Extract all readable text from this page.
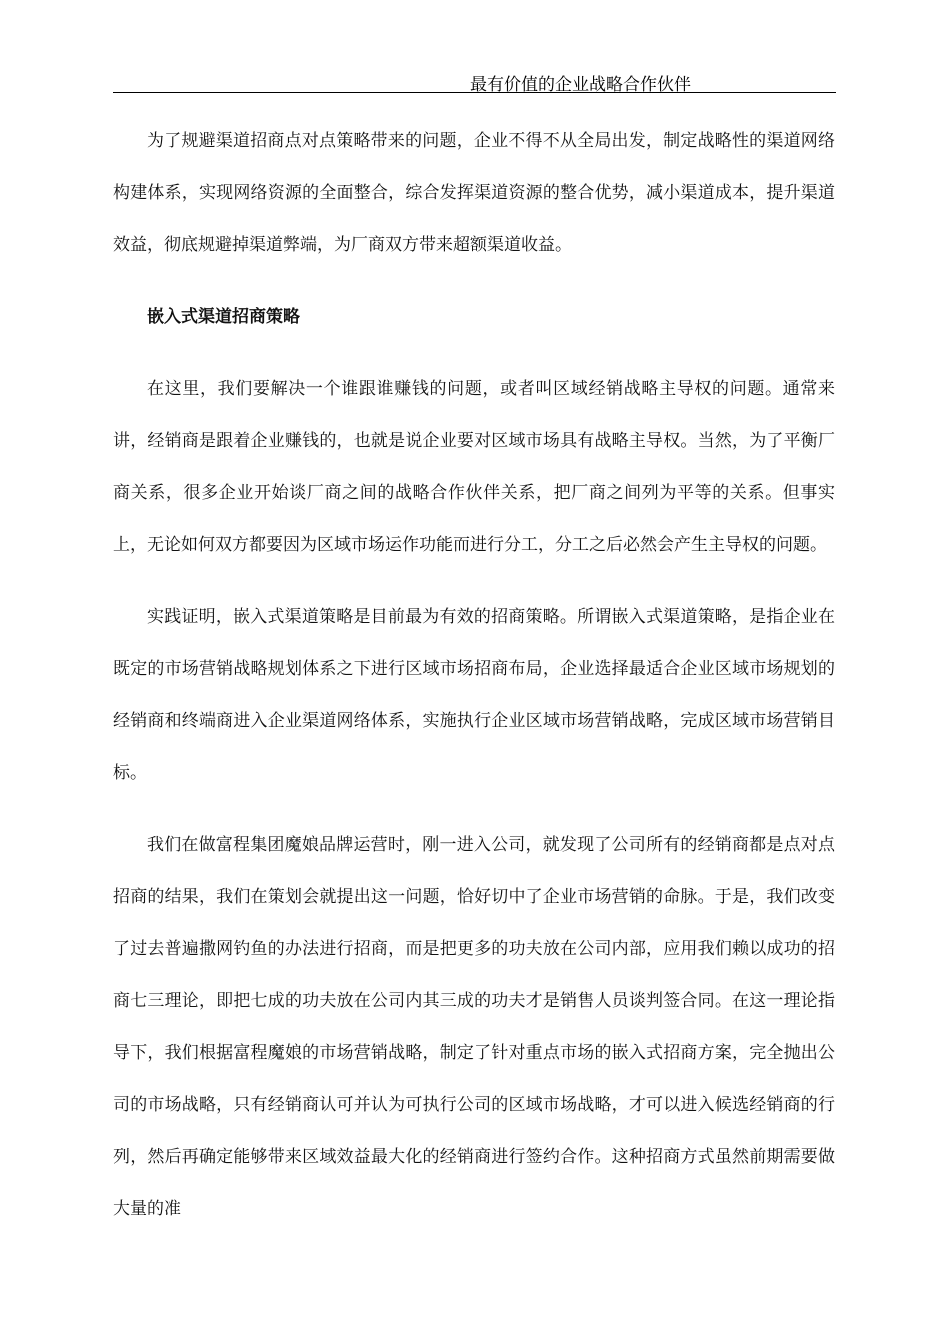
最有价值的企业战略合作伙伴

为了规避渠道招商点对点策略带来的问题，企业不得不从全局出发，制定战略性的渠道网络构建体系，实现网络资源的全面整合，综合发挥渠道资源的整合优势，减小渠道成本，提升渠道效益，彻底规避掉渠道弊端，为厂商双方带来超额渠道收益。

嵌入式渠道招商策略

在这里，我们要解决一个谁跟谁赚钱的问题，或者叫区域经销战略主导权的问题。通常来讲，经销商是跟着企业赚钱的，也就是说企业要对区域市场具有战略主导权。当然，为了平衡厂商关系，很多企业开始谈厂商之间的战略合作伙伴关系，把厂商之间列为平等的关系。但事实上，无论如何双方都要因为区域市场运作功能而进行分工，分工之后必然会产生主导权的问题。

实践证明，嵌入式渠道策略是目前最为有效的招商策略。所谓嵌入式渠道策略，是指企业在既定的市场营销战略规划体系之下进行区域市场招商布局，企业选择最适合企业区域市场规划的经销商和终端商进入企业渠道网络体系，实施执行企业区域市场营销战略，完成区域市场营销目标。

我们在做富程集团魔娘品牌运营时，刚一进入公司，就发现了公司所有的经销商都是点对点招商的结果，我们在策划会就提出这一问题，恰好切中了企业市场营销的命脉。于是，我们改变了过去普遍撒网钓鱼的办法进行招商，而是把更多的功夫放在公司内部，应用我们赖以成功的招商七三理论，即把七成的功夫放在公司内其三成的功夫才是销售人员谈判签合同。在这一理论指导下，我们根据富程魔娘的市场营销战略，制定了针对重点市场的嵌入式招商方案，完全抛出公司的市场战略，只有经销商认可并认为可执行公司的区域市场战略，才可以进入候选经销商的行列，然后再确定能够带来区域效益最大化的经销商进行签约合作。这种招商方式虽然前期需要做大量的准
